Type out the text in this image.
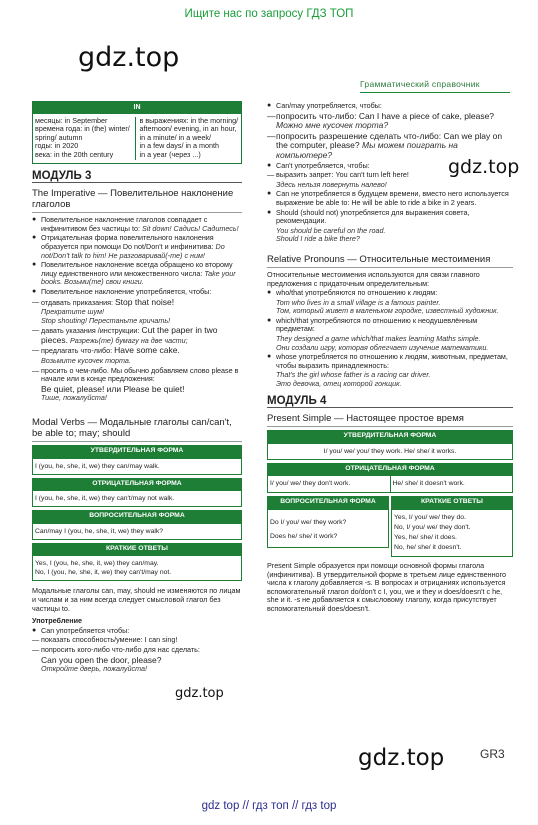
Ищите нас по запросу ГДЗ ТОП
gdz.top
Грамматический справочник
IN
месяцы: in September
времена года: in (the) winter/ spring/ autumn
годы: in 2020
века: in the 20th century
в выражениях: in the morning/ afternoon/ evening, in an hour,
in a minute/ in a week/
in a few days/ in a month
in a year (через ...)
МОДУЛЬ 3
The Imperative — Повелительное наклонение глаголов
● Повелительное наклонение глаголов совпадает с инфинитивом без частицы to: Sit down! Садись! Садитесь!
● Отрицательная форма повелительного наклонения образуется при помощи Do not/Don't и инфинитива: Do not/Don't talk to him! Не разговаривай(-те) с ним!
● Повелительное наклонение всегда обращено ко второму лицу единственного или множественного числа: Take your books. Возьми(те) свои книги.
● Повелительное наклонение употребляется, чтобы:
— отдавать приказания: Stop that noise!
Прекратите шум!
Stop shouting! Перестаньте кричать!
— давать указания /инструкции: Cut the paper in two pieces. Разрежь(те) бумагу на две части;
— предлагать что-либо: Have some cake.
Возьмите кусочек торта.
— просить о чем-либо. Мы обычно добавляем слово please в начале или в конце предложения:
Be quiet, please! или Please be quiet!
Тише, пожалуйста!
Modal Verbs — Модальные глаголы can/can't, be able to; may; should
УТВЕРДИТЕЛЬНАЯ ФОРМА
I (you, he, she, it, we) they can/may walk.
ОТРИЦАТЕЛЬНАЯ ФОРМА
I (you, he, she, it, we) they can't/may not walk.
ВОПРОСИТЕЛЬНАЯ ФОРМА
Can/may I (you, he, she, it, we) they walk?
КРАТКИЕ ОТВЕТЫ
Yes, I (you, he, she, it, we) they can/may.
No, I (you, he, she, it, we) they can't/may not.
Модальные глаголы can, may, should не изменяются по лицам и числам и за ним всегда следует смысловой глагол без частицы to.
Употребление
● Can употребляется чтобы:
— показать способность/умение: I can sing!
— попросить кого-либо что-либо для нас сделать:
Can you open the door, please?
Откройте дверь, пожалуйста!
● Can/may употребляется, чтобы:
— попросить что-либо: Can I have a piece of cake, please? Можно мне кусочек торта?
— попросить разрешение сделать что-либо: Can we play on the computer, please? Мы можем поиграть на компьютере?
● Can't употребляется, чтобы:
— выразить запрет: You can't turn left here!
Здесь нельзя повернуть налево!
● Can не употребляется в будущем времени, вместо него используется выражение be able to: He will be able to ride a bike in 2 years.
● Should (should not) употребляется для выражения совета, рекомендации.
You should be careful on the road.
Should I ride a bike there?
Relative Pronouns — Относительные местоимения
Относительные местоимения используются для связи главного предложения с придаточным определительным:
● who/that употребляются по отношению к людям:
Tom who lives in a small village is a famous painter.
Том, который живет в маленьком городке, известный художник.
● which/that употребляются по отношению к неодушевлённым предметам:
They designed a game which/that makes learning Maths simple.
Они создали игру, которая облегчает изучение математики.
● whose употребляется по отношению к людям, животным, предметам, чтобы выразить принадлежность:
That's the girl whose father is a racing car driver.
Это девочка, отец которой гонщик.
МОДУЛЬ 4
Present Simple — Настоящее простое время
УТВЕРДИТЕЛЬНАЯ ФОРМА
I/ you/ we/ you/ they work. He/ she/ it works.
ОТРИЦАТЕЛЬНАЯ ФОРМА
I/ you/ we/ they don't work.	He/ she/ it doesn't work.
ВОПРОСИТЕЛЬНАЯ ФОРМА
Do I/ you/ we/ they work?
Does he/ she/ it work?
КРАТКИЕ ОТВЕТЫ
Yes, I/ you/ we/ they do.
No, I/ you/ we/ they don't.
Yes, he/ she/ it does.
No, he/ she/ it doesn't.
Present Simple образуется при помощи основной формы глагола (инфинитива). В утвердительной форме в третьем лице единственного числа к глаголу добавляется -s. В вопросах и отрицаниях используется вспомогательный глагол do/don't с I, you, we и they и does/doesn't с he, she и it. -s не добавляется к смысловому глаголу, когда присутствует вспомогательный does/doesn't.
gdz.top
gdz.top
gdz.top	GR3
gdz top // гдз топ // гдз top
